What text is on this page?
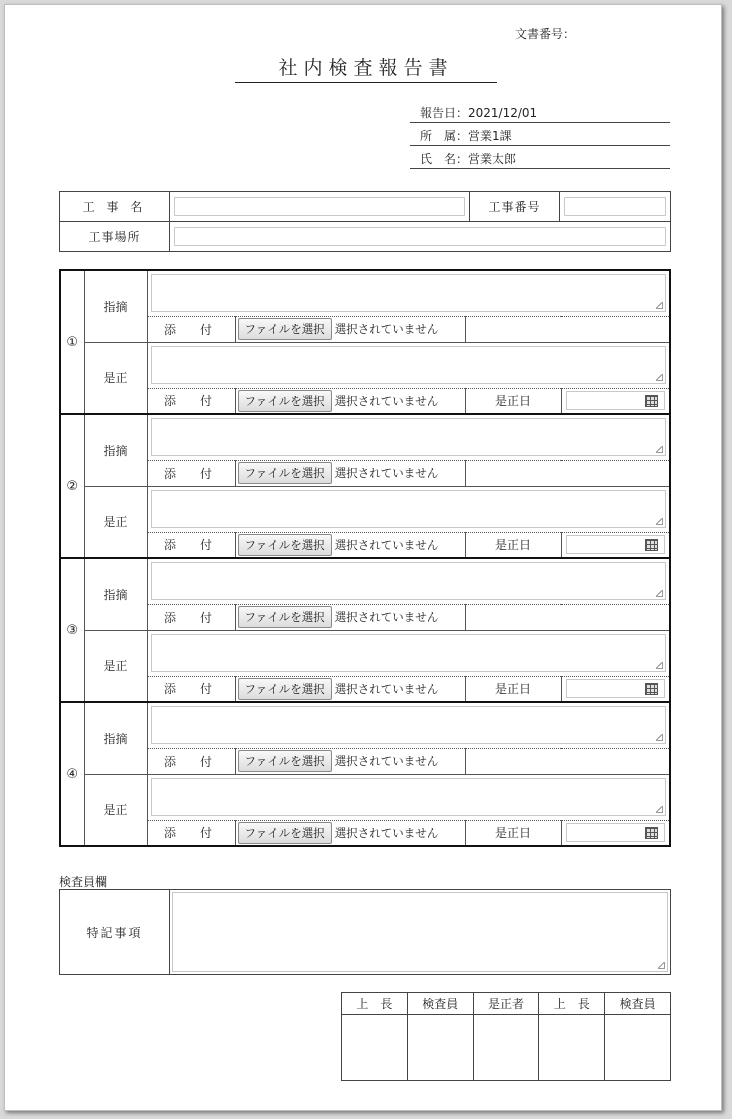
文書番号：
社内検査報告書
報告日：2021/12/01
所　属：営業1課
氏　名：営業太郎
工 事 名		工事番号	

工事場所			
①	指摘				

		添　付	ファイルを選択 選択されていません		
	是正				

		添　付	ファイルを選択 選択されていません	是正日	

②	指摘				

		添　付	ファイルを選択 選択されていません		
	是正				

		添　付	ファイルを選択 選択されていません	是正日	

③	指摘				

		添　付	ファイルを選択 選択されていません		
	是正				

		添　付	ファイルを選択 選択されていません	是正日	

④	指摘				

		添　付	ファイルを選択 選択されていません		
	是正				

		添　付	ファイルを選択 選択されていません	是正日	
検査員欄
特記事項	
上　長	検査員	是正者	上　長	検査員
